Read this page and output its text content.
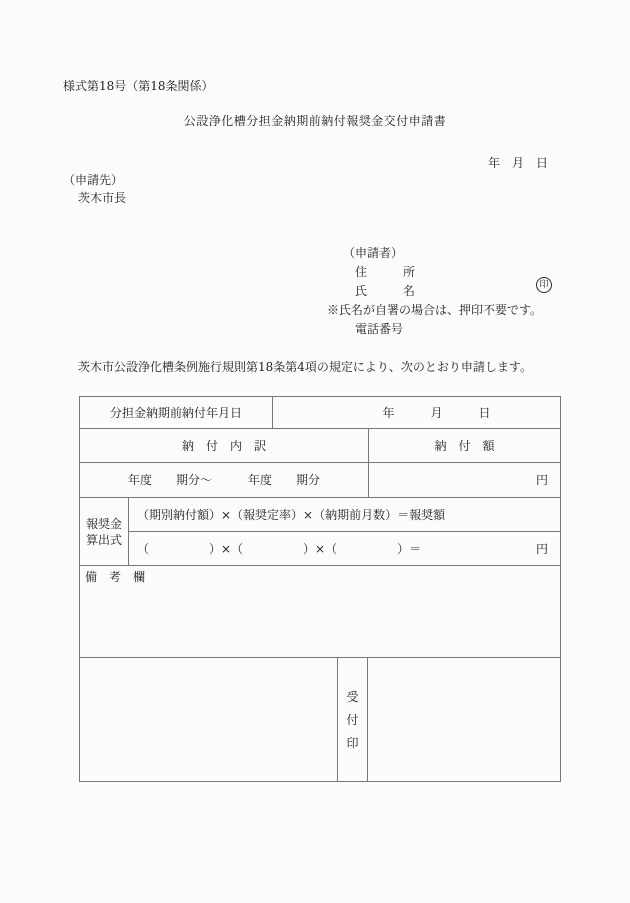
様式第18号（第18条関係）
公設浄化槽分担金納期前納付報奨金交付申請書
年　月　日
（申請先）
茨木市長
（申請者）
住　　　所
氏　　　名	印
※氏名が自署の場合は、押印不要です。
電話番号
茨木市公設浄化槽条例施行規則第18条第4項の規定により、次のとおり申請します。
分担金納期前納付年月日	年　　　月　　　日
納　付　内　訳	納　付　額
年度　　期分～　　　年度　　期分	円
報奨金
算出式
（期別納付額）×（報奨定率）×（納期前月数）＝報奨額
（　　　　　）×（　　　　　）×（　　　　　）＝	円
備　考　欄
受
付
印
